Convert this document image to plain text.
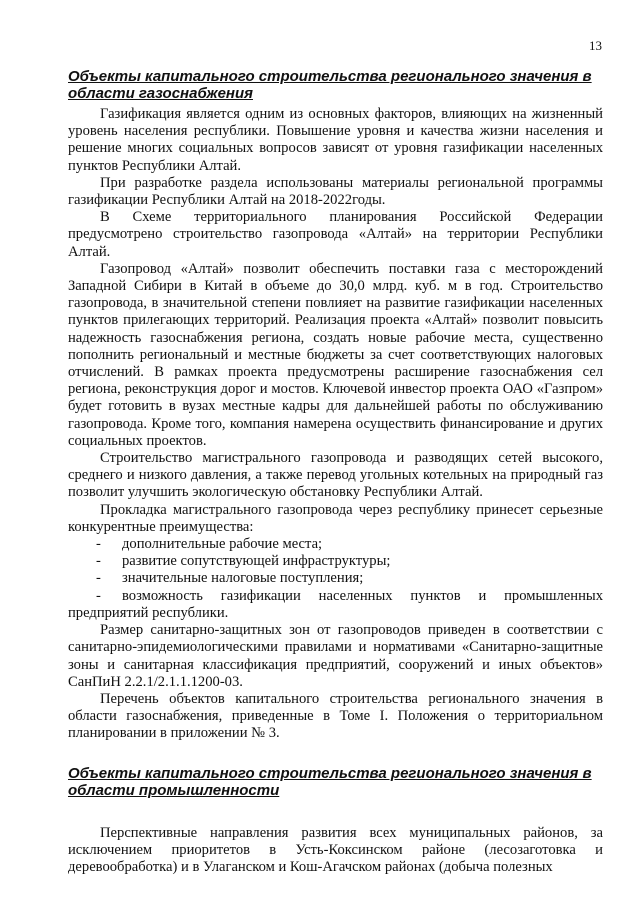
13
Объекты капитального строительства регионального значения в области газоснабжения

Газификация является одним из основных факторов, влияющих на жизненный уровень населения республики. Повышение уровня и качества жизни населения и решение многих социальных вопросов зависят от уровня газификации населенных пунктов Республики Алтай.

При разработке раздела использованы материалы региональной программы газификации Республики Алтай на 2018-2022годы.

В Схеме территориального планирования Российской Федерации предусмотрено строительство газопровода «Алтай» на территории Республики Алтай.

Газопровод «Алтай» позволит обеспечить поставки газа с месторождений Западной Сибири в Китай в объеме до 30,0 млрд. куб. м в год. Строительство газопровода, в значительной степени повлияет на развитие газификации населенных пунктов прилегающих территорий. Реализация проекта «Алтай» позволит повысить надежность газоснабжения региона, создать новые рабочие места, существенно пополнить региональный и местные бюджеты за счет соответствующих налоговых отчислений. В рамках проекта предусмотрены расширение газоснабжения сел региона, реконструкция дорог и мостов. Ключевой инвестор проекта ОАО «Газпром» будет готовить в вузах местные кадры для дальнейшей работы по обслуживанию газопровода. Кроме того, компания намерена осуществить финансирование и других социальных проектов.

Строительство магистрального газопровода и разводящих сетей высокого, среднего и низкого давления, а также перевод угольных котельных на природный газ позволит улучшить экологическую обстановку Республики Алтай.

Прокладка магистрального газопровода через республику принесет серьезные конкурентные преимущества:

- дополнительные рабочие места;
- развитие сопутствующей инфраструктуры;
- значительные налоговые поступления;
- возможность газификации населенных пунктов и промышленных предприятий республики.

Размер санитарно-защитных зон от газопроводов приведен в соответствии с санитарно-эпидемиологическими правилами и нормативами «Санитарно-защитные зоны и санитарная классификация предприятий, сооружений и иных объектов» СанПиН 2.2.1/2.1.1.1200-03.

Перечень объектов капитального строительства регионального значения в области газоснабжения, приведенные в Томе I. Положения о территориальном планировании в приложении № 3.

Объекты капитального строительства регионального значения в области промышленности

Перспективные направления развития всех муниципальных районов, за исключением приоритетов в Усть-Коксинском районе (лесозаготовка и деревообработка) и в Улаганском и Кош-Агачском районах (добыча полезных
